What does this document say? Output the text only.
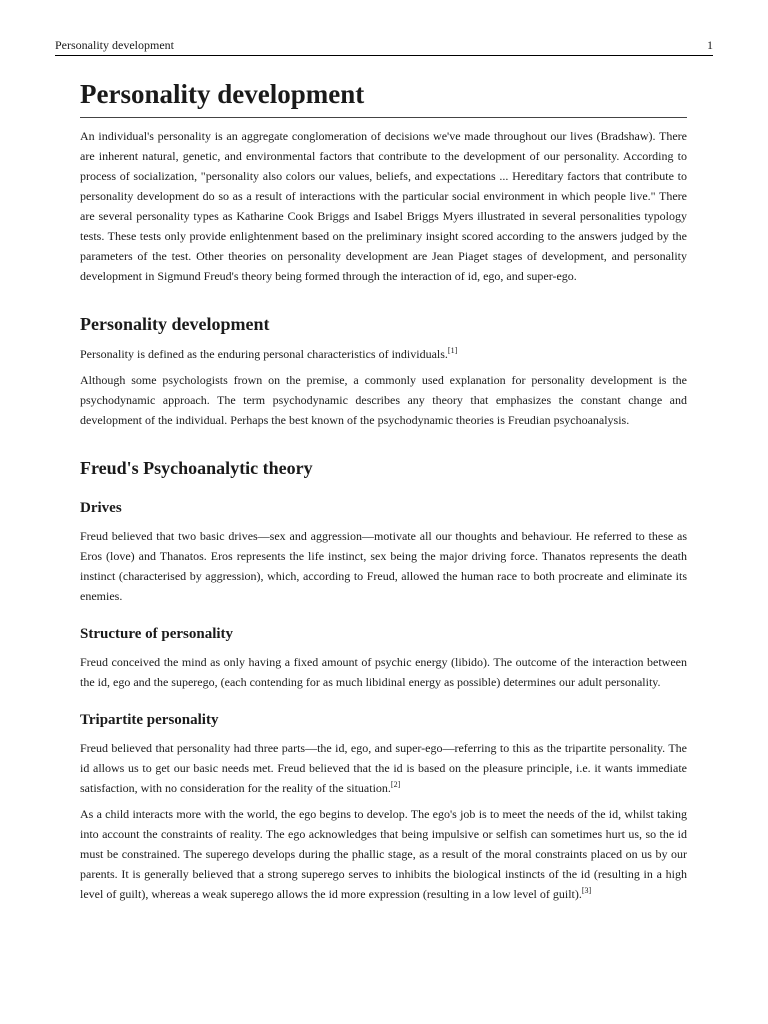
Personality development	1
Personality development

An individual's personality is an aggregate conglomeration of decisions we've made throughout our lives (Bradshaw). There are inherent natural, genetic, and environmental factors that contribute to the development of our personality. According to process of socialization, "personality also colors our values, beliefs, and expectations ... Hereditary factors that contribute to personality development do so as a result of interactions with the particular social environment in which people live." There are several personality types as Katharine Cook Briggs and Isabel Briggs Myers illustrated in several personalities typology tests. These tests only provide enlightenment based on the preliminary insight scored according to the answers judged by the parameters of the test. Other theories on personality development are Jean Piaget stages of development, and personality development in Sigmund Freud's theory being formed through the interaction of id, ego, and super-ego.

Personality development

Personality is defined as the enduring personal characteristics of individuals.[1]

Although some psychologists frown on the premise, a commonly used explanation for personality development is the psychodynamic approach. The term psychodynamic describes any theory that emphasizes the constant change and development of the individual. Perhaps the best known of the psychodynamic theories is Freudian psychoanalysis.

Freud's Psychoanalytic theory
Drives

Freud believed that two basic drives—sex and aggression—motivate all our thoughts and behaviour. He referred to these as Eros (love) and Thanatos. Eros represents the life instinct, sex being the major driving force. Thanatos represents the death instinct (characterised by aggression), which, according to Freud, allowed the human race to both procreate and eliminate its enemies.

Structure of personality

Freud conceived the mind as only having a fixed amount of psychic energy (libido). The outcome of the interaction between the id, ego and the superego, (each contending for as much libidinal energy as possible) determines our adult personality.

Tripartite personality

Freud believed that personality had three parts—the id, ego, and super-ego—referring to this as the tripartite personality. The id allows us to get our basic needs met. Freud believed that the id is based on the pleasure principle, i.e. it wants immediate satisfaction, with no consideration for the reality of the situation.[2]

As a child interacts more with the world, the ego begins to develop. The ego's job is to meet the needs of the id, whilst taking into account the constraints of reality. The ego acknowledges that being impulsive or selfish can sometimes hurt us, so the id must be constrained. The superego develops during the phallic stage, as a result of the moral constraints placed on us by our parents. It is generally believed that a strong superego serves to inhibits the biological instincts of the id (resulting in a high level of guilt), whereas a weak superego allows the id more expression (resulting in a low level of guilt).[3]
